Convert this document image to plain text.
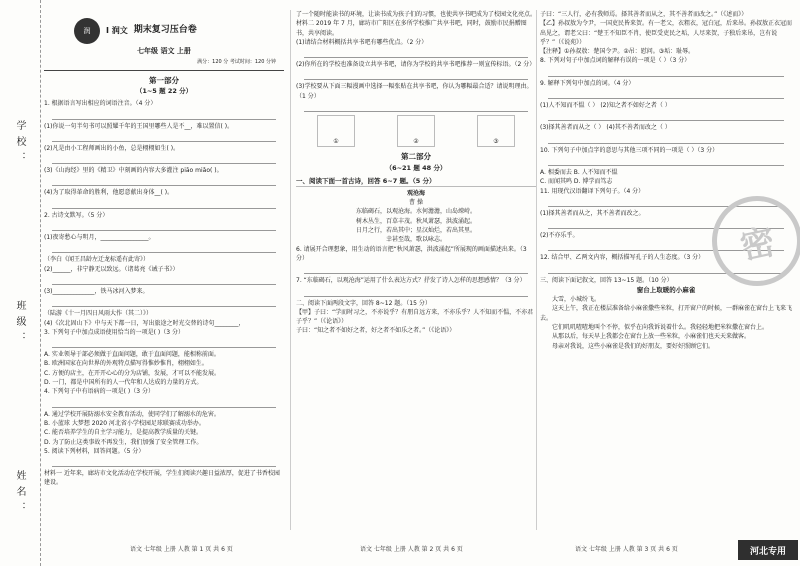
学校：
班级：
姓名：
润	I 润文 期末复习压台卷
七年级 语文 上册
满分：120 分 考试时间：120 分钟
第一部分
（1~5 题 22 分）

1. 根据语言写出相应的词语注音。（4 分）

(1)你说一句半句书可以照耀千年的王国里哪些人是不__，难以置信( )。

(2)凡是由小工程师画出的小鱼，总是栩栩如生( )。

(3)《山海经》里的《精卫》中刻画的内容大多灌注 piāo miǎo( )。

(4)为了取得革命的胜利，他愿意献出身体__( )。

2. 古诗文默写。（5 分）

(1)夜寄愁心与明月，________________。

（李白《闻王昌龄左迁龙标遥有此寄》）

(2)______，非宁静无以致远。（诸葛亮《诫子书》）

(3)______________，铁马冰河入梦来。

（陆游《十一月四日风雨大作（其二）》）

(4)《次北固山下》中与天下都一日，写出旅途之时光交替的诗句________，

3. 下列句子中加点成语使用恰当的一项是( )（3 分）

A. 实业领导于部必须做于直面问题，敢于直面问题，能相称前面。

B. 欧洲国家在向世界的外观特点描写得惟妙惟肖，栩栩如生。

C. 方便的店主，在开开心心的分为店铺，发展，才可以不能发展。

D. 一门，都是中国所有的人一代年和人达成的力量的方式。

4. 下列句子中有语病的一项是( )（3 分）

A. 通过学校开展防溺水安全教育活动，使同学们了解溺水的危害。

B. 小蓝球 大梦想 2020 河北省小学校园足球联赛成功举办。

C. 能否培养学生的自主学习能力，是提高教学质量的关键。

D. 为了防止这类事故不再发生，我们加强了安全管理工作。

5. 阅读下列材料，回答问题。（5 分）

材料一 近年来，廊坊市文化活动在学校开展，学生们阅读兴趣日益浓厚，促进了书香校园建设。

了一个随时能读书的环境，让读书成为孩子们的习惯，也使共享书吧成为了校园文化亮点。

材料二 2019 年 7 月，廊坊市广阳区在多所学校推广共享书吧，同时，鼓励市民捐赠图书，共享阅读。

(1)请结合材料概括共享书吧有哪些优点。（2 分）

(2)你所在的学校也准备设立共享书吧，请你为学校的共享书吧推荐一则宣传标语。（2 分）

(3)学校要从下面三幅漫画中选择一幅张贴在共享书吧，你认为哪幅最合适？请说明理由。（1 分）

①	②	③
第二部分
（6~21 题 48 分）
一、阅读下面一首古诗，回答 6~7 题。（5 分）
观沧海
曹 操

东临碣石，以观沧海。水何澹澹，山岛竦峙。

树木丛生，百草丰茂。秋风萧瑟，洪波涌起。

日月之行，若出其中；星汉灿烂，若出其里。

幸甚至哉，歌以咏志。

6. 请展开合理想象，用生动的语言把“秋风萧瑟，洪波涌起”所展现的画面描述出来。（3 分）

7. “东临碣石，以观沧海”运用了什么表达方式？抒发了诗人怎样的思想感情？（3 分）

二、阅读下面两段文字，回答 8~12 题。（15 分）

【甲】子曰：“学而时习之，不亦说乎？有朋自远方来，不亦乐乎？人不知而不愠，不亦君子乎？”（《论语》）

子曰：“知之者不如好之者，好之者不如乐之者。”（《论语》）

子曰：“三人行，必有我师焉。择其善者而从之，其不善者而改之。”（《述而》）

【乙】孙叔敖为令尹，一国吏民皆来贺。有一老父，衣粗衣，冠白冠，后来吊。孙叔敖正衣冠而出见之，谓老父曰：“楚王不知臣不肖，使臣受吏民之垢，人尽来贺，子独后来吊，岂有说乎？”（《说苑》）

【注释】①孙叔敖：楚国令尹。②吊：慰问。③垢：耻辱。

8. 下列对句子中加点词的解释有误的一项是（ ）（3 分）

9. 解释下列句中加点的词。（4 分）

(1)人不知而不愠（ ） (2)知之者不如好之者（ ）

(3)择其善者而从之（ ） (4)其不善者而改之（ ）

10. 下列句子中加点字的意思与其他三项不同的一项是（ ）（3 分）

A. 相委而去 B. 人不知而不愠

C. 而闻其鸣 D. 博学而笃志

11. 用现代汉语翻译下列句子。（4 分）

(1)择其善者而从之，其不善者而改之。

(2)不亦乐乎。

12. 结合甲、乙两文内容，概括描写孔子的人生态度。（3 分）

三、阅读下面记叙文，回答 13~15 题。（10 分）

窗台上取暖的小麻雀

大雪，小城纷飞。

这天上午，我正在楼层准备给小麻雀撒些米粒，打开窗户的时候，一群麻雀在窗台上飞来飞去。

它们叽叽喳喳地叫个不停，似乎在向我诉说着什么。我轻轻地把米粒撒在窗台上。

从那以后，每天早上我都会在窗台上放一些米粒，小麻雀们也天天来做客。

母亲对我说，这些小麻雀是我们的好朋友，要好好照顾它们。

密
语文 七年级 上册 人教 第 1 页 共 6 页	语文 七年级 上册 人教 第 2 页 共 6 页	语文 七年级 上册 人教 第 3 页 共 6 页	河北专用
